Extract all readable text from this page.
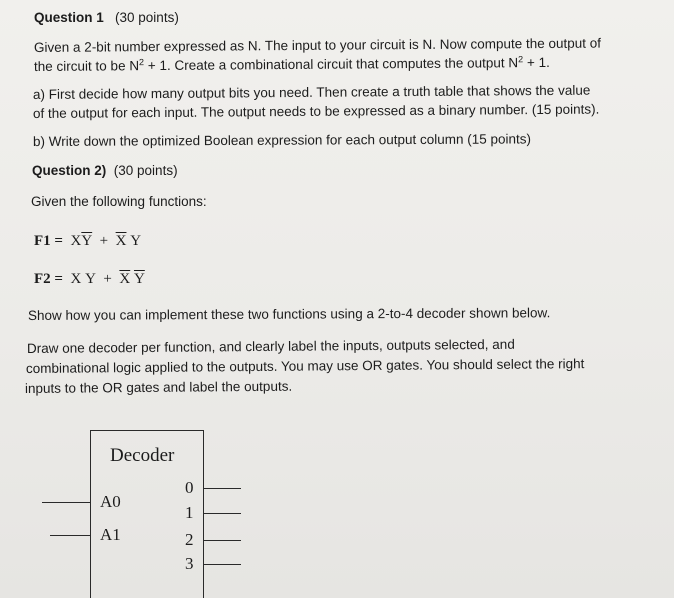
Question 1 (30 points)
Given a 2-bit number expressed as N. The input to your circuit is N. Now compute the output of
the circuit to be $N^2 + 1$. Create a combinational circuit that computes the output $N^2 + 1$.
a) First decide how many output bits you need. Then create a truth table that shows the value
of the output for each input. The output needs to be expressed as a binary number. (15 points).
b) Write down the optimized Boolean expression for each output column (15 points)
Question 2) (30 points)
Given the following functions:
$F1 = X\overline{Y} + \overline{X}$ Y
F2 = X $Y + \overline{X}$ $\overline{Y}$
Show how you can implement these two functions using a 2-to-4 decoder shown below.
Draw one decoder per function, and clearly label the inputs, outputs selected, and
combinational logic applied to the outputs. You may use OR gates. You should select the right
inputs to the OR gates and label the outputs.
Decoder
A0
A1
0
1
2
3
